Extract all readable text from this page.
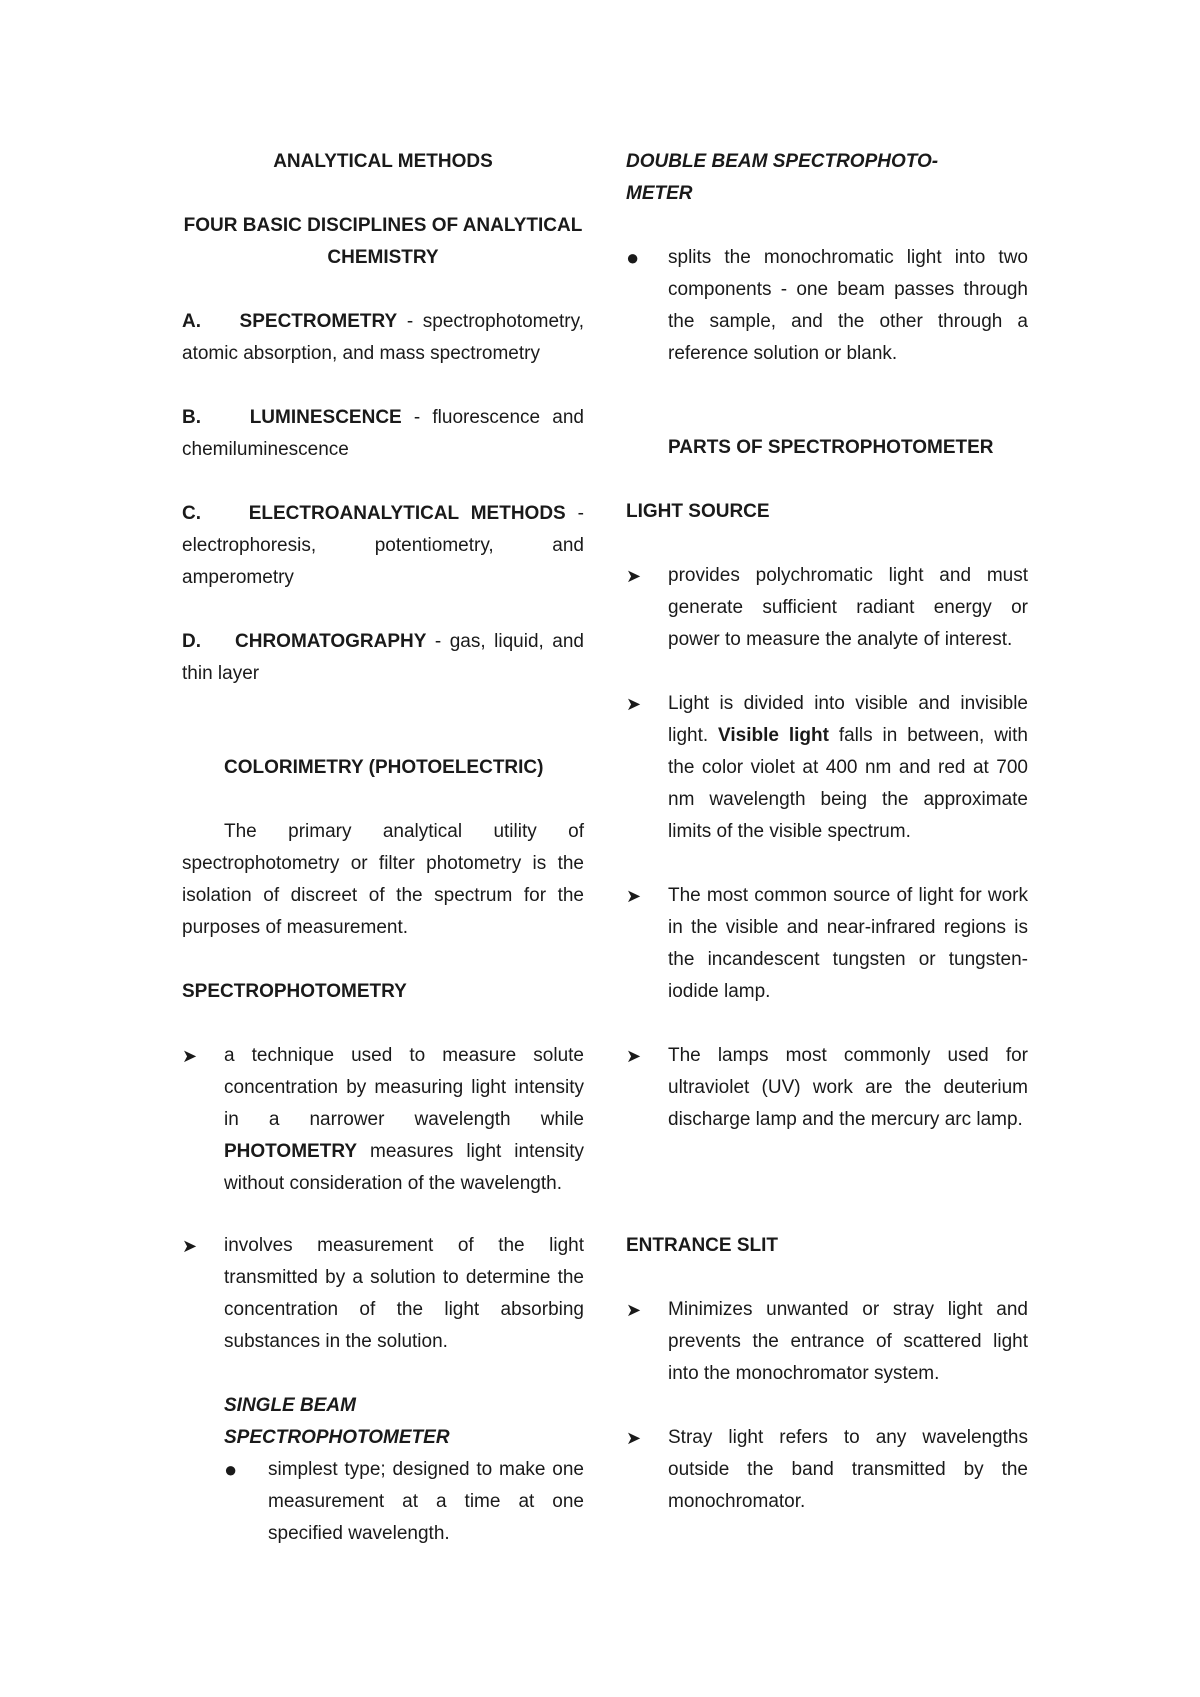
ANALYTICAL METHODS

FOUR BASIC DISCIPLINES OF ANALYTICAL CHEMISTRY

A. SPECTROMETRY - spectrophotometry, atomic absorption, and mass spectrometry

B.	LUMINESCENCE - fluorescence and chemiluminescence

C.	ELECTROANALYTICAL METHODS - electrophoresis, potentiometry, and amperometry

D. CHROMATOGRAPHY - gas, liquid, and thin layer

COLORIMETRY (PHOTOELECTRIC)

The primary analytical utility of spectrophotometry or filter photometry is the isolation of discreet of the spectrum for the purposes of measurement.

SPECTROPHOTOMETRY

➤	a technique used to measure solute concentration by measuring light intensity in a narrower wavelength while PHOTOMETRY measures light intensity without consideration of the wavelength.
➤	involves measurement of the light transmitted by a solution to determine the concentration of the light absorbing substances in the solution.

SINGLE BEAM SPECTROPHOTOMETER

●	simplest type; designed to make one measurement at a time at one specified wavelength.

DOUBLE BEAM SPECTROPHOTO-METER

●	splits the monochromatic light into two components - one beam passes through the sample, and the other through a reference solution or blank.

PARTS OF SPECTROPHOTOMETER

LIGHT SOURCE

➤	provides polychromatic light and must generate sufficient radiant energy or power to measure the analyte of interest.
➤	Light is divided into visible and invisible light. Visible light falls in between, with the color violet at 400 nm and red at 700 nm wavelength being the approximate limits of the visible spectrum.
➤	The most common source of light for work in the visible and near-infrared regions is the incandescent tungsten or tungsten-iodide lamp.
➤	The lamps most commonly used for ultraviolet (UV) work are the deuterium discharge lamp and the mercury arc lamp.

ENTRANCE SLIT

➤	Minimizes unwanted or stray light and prevents the entrance of scattered light into the monochromator system.
➤	Stray light refers to any wavelengths outside the band transmitted by the monochromator.
